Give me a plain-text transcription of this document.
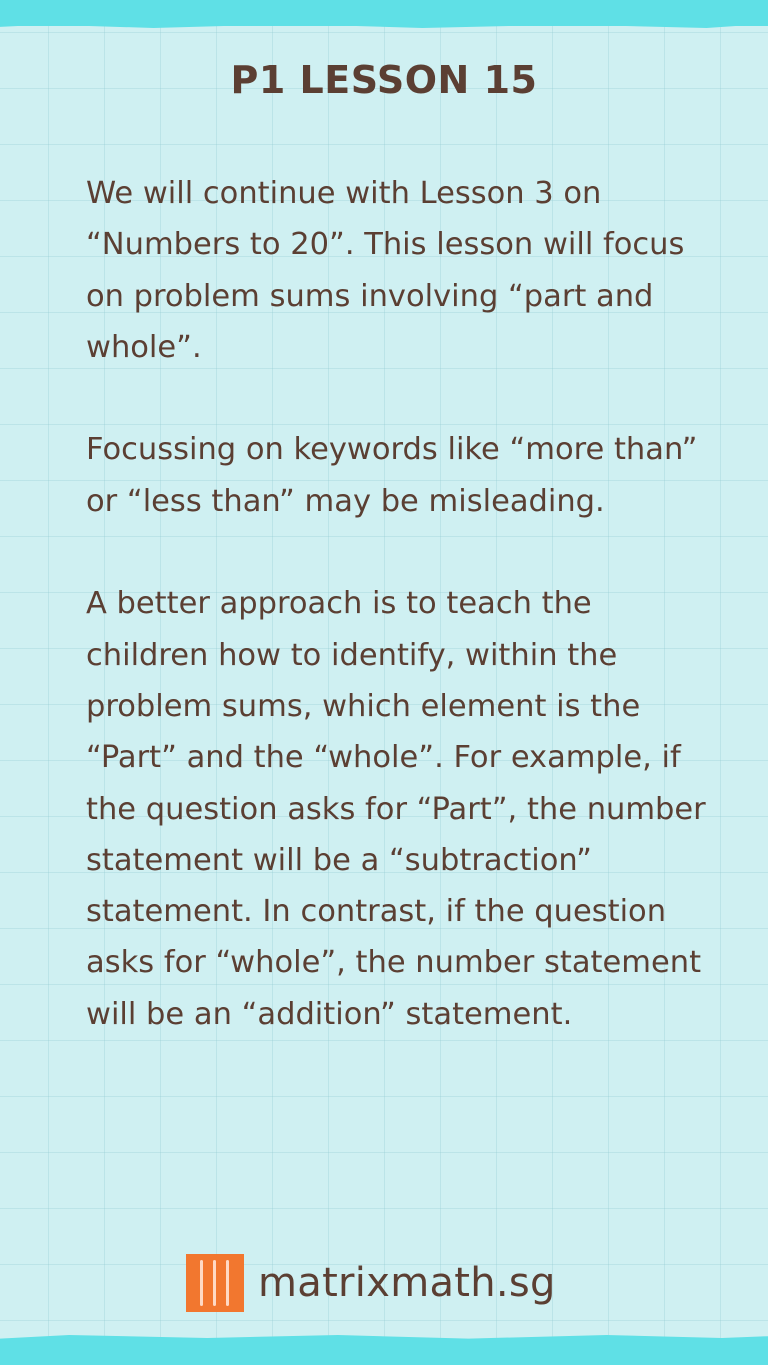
P1 LESSON 15

We will continue with Lesson 3 on “Numbers to 20”. This lesson will focus on problem sums involving “part and whole”.

Focussing on keywords like “more than” or “less than” may be misleading.

A better approach is to teach the children how to identify, within the problem sums, which element is the “Part” and the “whole”. For example, if the question asks for “Part”, the number statement will be a “subtraction” statement. In contrast, if the question asks for “whole”, the number statement will be an “addition” statement.

matrixmath.sg
